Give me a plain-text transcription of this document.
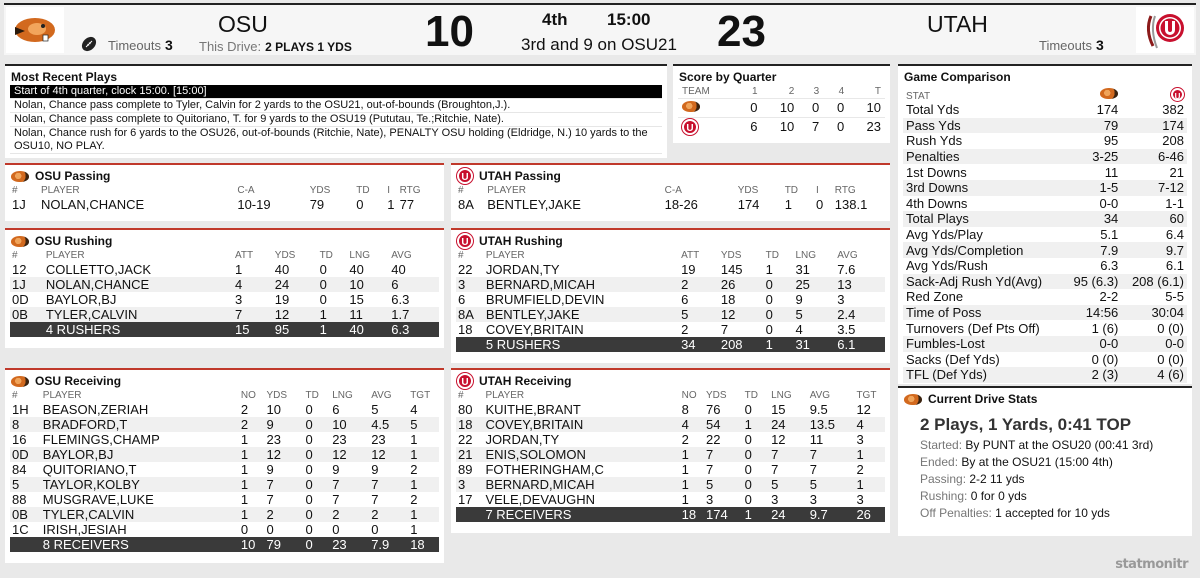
Timeouts 3
OSU
This Drive: 2 PLAYS 1 YDS 10	4th 15:00
3rd and 9 on OSU21 23	UTAH
Timeouts 3
Most Recent Plays
Start of 4th quarter, clock 15:00. [15:00]
Nolan, Chance pass complete to Tyler, Calvin for 2 yards to the OSU21, out-of-bounds (Broughton,J.).
Nolan, Chance pass complete to Quitoriano, T. for 9 yards to the OSU19 (Pututau, Te.;Ritchie, Nate).
Nolan, Chance rush for 6 yards to the OSU26, out-of-bounds (Ritchie, Nate), PENALTY OSU holding (Eldridge, N.) 10 yards to the OSU10, NO PLAY.
Score by Quarter
TEAM	1	2	3	4	T
	0	10	0	0	10
U	6	10	7	0	23
Game Comparison
STAT		U
Total Yds	174	382
Pass Yds	79	174
Rush Yds	95	208
Penalties	3-25	6-46
1st Downs	11	21
3rd Downs	1-5	7-12
4th Downs	0-0	1-1
Total Plays	34	60
Avg Yds/Play	5.1	6.4
Avg Yds/Completion	7.9	9.7
Avg Yds/Rush	6.3	6.1
Sack-Adj Rush Yd(Avg)	95 (6.3)	208 (6.1)
Red Zone	2-2	5-5
Time of Poss	14:56	30:04
Turnovers (Def Pts Off)	1 (6)	0 (0)
Fumbles-Lost	0-0	0-0
Sacks (Def Yds)	0 (0)	0 (0)
TFL (Def Yds)	2 (3)	4 (6)
Current Drive Stats
2 Plays, 1 Yards, 0:41 TOP
Started: By PUNT at the OSU20 (00:41 3rd)
Ended: By at the OSU21 (15:00 4th)
Passing: 2-2 11 yds
Rushing: 0 for 0 yds
Off Penalties: 1 accepted for 10 yds
OSU Passing
#	PLAYER	C-A	YDS	TD	I	RTG
1J	NOLAN,CHANCE	10-19	79	0	1	77
U UTAH Passing
#	PLAYER	C-A	YDS	TD	I	RTG
8A	BENTLEY,JAKE	18-26	174	1	0	138.1
OSU Rushing
#	PLAYER	ATT	YDS	TD	LNG	AVG
12	COLLETTO,JACK	1	40	0	40	40
1J	NOLAN,CHANCE	4	24	0	10	6
0D	BAYLOR,BJ	3	19	0	15	6.3
0B	TYLER,CALVIN	7	12	1	11	1.7
	4 RUSHERS	15	95	1	40	6.3
U UTAH Rushing
#	PLAYER	ATT	YDS	TD	LNG	AVG
22	JORDAN,TY	19	145	1	31	7.6
3	BERNARD,MICAH	2	26	0	25	13
6	BRUMFIELD,DEVIN	6	18	0	9	3
8A	BENTLEY,JAKE	5	12	0	5	2.4
18	COVEY,BRITAIN	2	7	0	4	3.5
	5 RUSHERS	34	208	1	31	6.1
OSU Receiving
#	PLAYER	NO	YDS	TD	LNG	AVG	TGT
1H	BEASON,ZERIAH	2	10	0	6	5	4
8	BRADFORD,T	2	9	0	10	4.5	5
16	FLEMINGS,CHAMP	1	23	0	23	23	1
0D	BAYLOR,BJ	1	12	0	12	12	1
84	QUITORIANO,T	1	9	0	9	9	2
5	TAYLOR,KOLBY	1	7	0	7	7	1
88	MUSGRAVE,LUKE	1	7	0	7	7	2
0B	TYLER,CALVIN	1	2	0	2	2	1
1C	IRISH,JESIAH	0	0	0	0	0	1
	8 RECEIVERS	10	79	0	23	7.9	18
U UTAH Receiving
#	PLAYER	NO	YDS	TD	LNG	AVG	TGT
80	KUITHE,BRANT	8	76	0	15	9.5	12
18	COVEY,BRITAIN	4	54	1	24	13.5	4
22	JORDAN,TY	2	22	0	12	11	3
21	ENIS,SOLOMON	1	7	0	7	7	1
89	FOTHERINGHAM,C	1	7	0	7	7	2
3	BERNARD,MICAH	1	5	0	5	5	1
17	VELE,DEVAUGHN	1	3	0	3	3	3
	7 RECEIVERS	18	174	1	24	9.7	26
statmonitr
